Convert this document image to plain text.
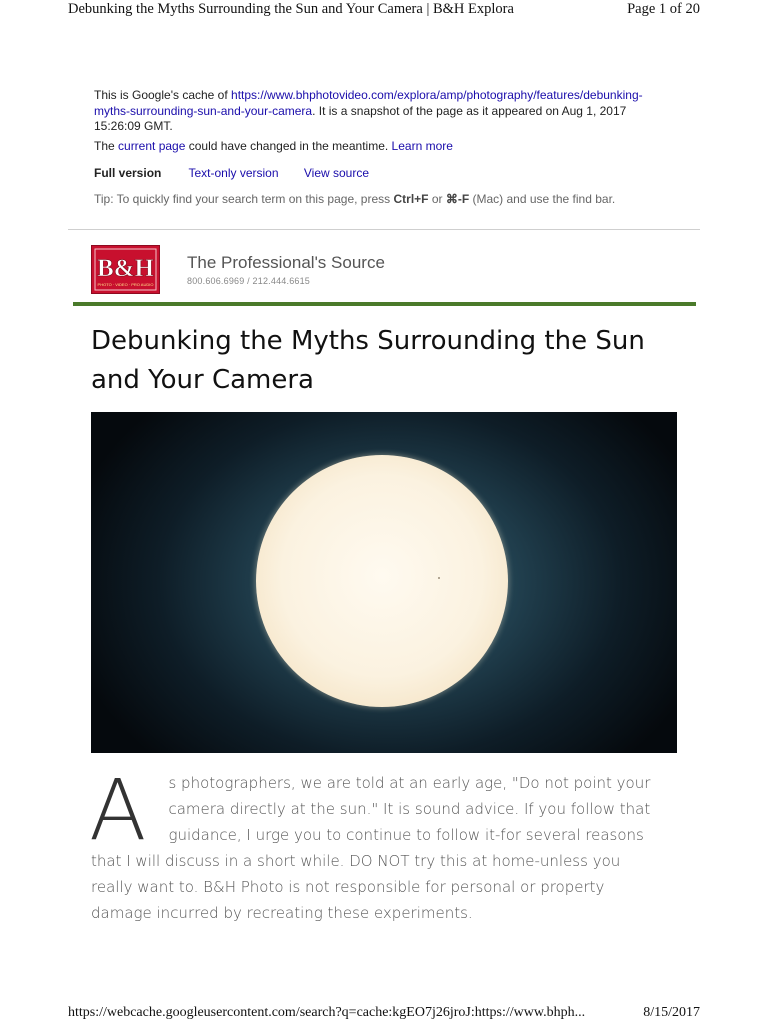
Debunking the Myths Surrounding the Sun and Your Camera | B&H Explora	Page 1 of 20
This is Google's cache of https://www.bhphotovideo.com/explora/amp/photography/features/debunking-myths-surrounding-sun-and-your-camera. It is a snapshot of the page as it appeared on Aug 1, 2017 15:26:09 GMT.
The current page could have changed in the meantime. Learn more
Full version Text-only version View source
Tip: To quickly find your search term on this page, press Ctrl+F or ⌘-F (Mac) and use the find bar.
B&H
PHOTO · VIDEO · PRO AUDIO
The Professional's Source
800.606.6969 / 212.444.6615
Debunking the Myths Surrounding the Sun and Your Camera
A s photographers, we are told at an early age, "Do not point your camera directly at the sun." It is sound advice. If you follow that guidance, I urge you to continue to follow it-for several reasons that I will discuss in a short while. DO NOT try this at home-unless you really want to. B&H Photo is not responsible for personal or property damage incurred by recreating these experiments.
https://webcache.googleusercontent.com/search?q=cache:kgEO7j26jroJ:https://www.bhph...	8/15/2017
